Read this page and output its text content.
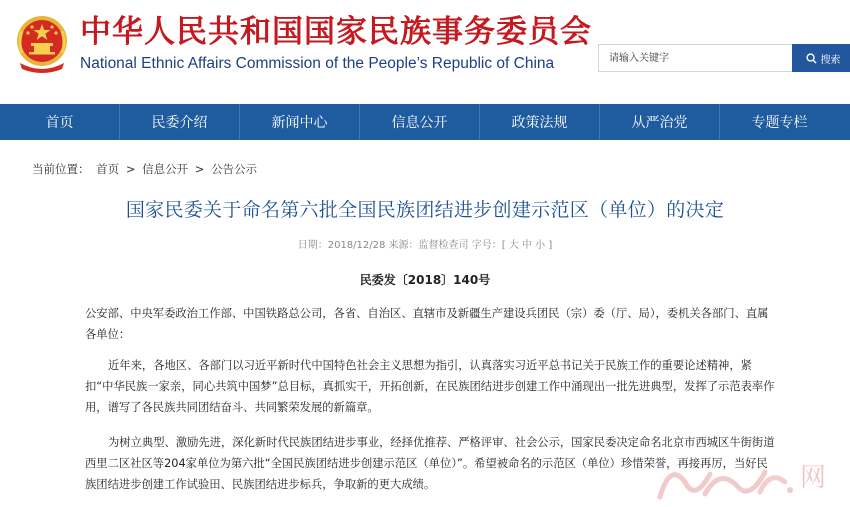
中华人民共和国国家民族事务委员会
National Ethnic Affairs Commission of the People’s Republic of China
请输入关键字	搜索
首页	民委介绍	新闻中心	信息公开	政策法规	从严治党	专题专栏
当前位置： 首页 > 信息公开 > 公告公示
国家民委关于命名第六批全国民族团结进步创建示范区（单位）的决定
日期：2018/12/28 来源：监督检查司 字号：[ 大 中 小 ]
民委发〔2018〕140号
公安部、中央军委政治工作部、中国铁路总公司，各省、自治区、直辖市及新疆生产建设兵团民（宗）委（厅、局），委机关各部门、直属各单位：
近年来，各地区、各部门以习近平新时代中国特色社会主义思想为指引，认真落实习近平总书记关于民族工作的重要论述精神，紧扣“中华民族一家亲，同心共筑中国梦”总目标，真抓实干，开拓创新，在民族团结进步创建工作中涌现出一批先进典型，发挥了示范表率作用，谱写了各民族共同团结奋斗、共同繁荣发展的新篇章。
为树立典型、激励先进，深化新时代民族团结进步事业，经择优推荐、严格评审、社会公示，国家民委决定命名北京市西城区牛街街道西里二区社区等204家单位为第六批“全国民族团结进步创建示范区（单位）”。希望被命名的示范区（单位）珍惜荣誉，再接再厉，当好民族团结进步创建工作试验田、民族团结进步标兵，争取新的更大成绩。	网
